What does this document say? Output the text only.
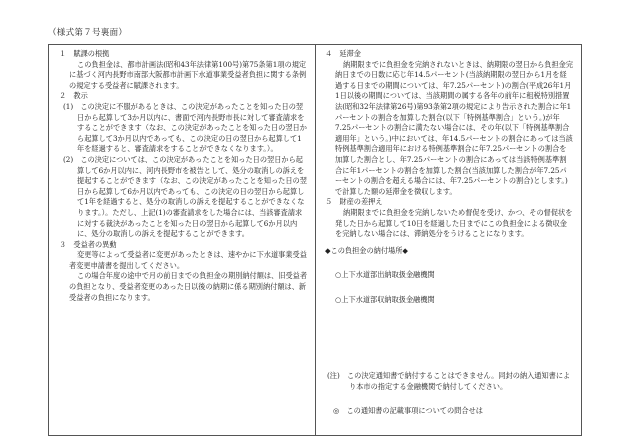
（様式第７号裏面）

１　賦課の根拠

この負担金は、都市計画法(昭和43年法律第100号)第75条第1項の規定に基づく河内長野市南部大阪都市計画下水道事業受益者負担に関する条例の規定する受益者に賦課されます。

２　教示

(1)　この決定に不服があるときは、この決定があったことを知った日の翌日から起算して3か月以内に、書面で河内長野市長に対して審査請求をすることができます（なお、この決定があったことを知った日の翌日から起算して3か月以内であっても、この決定の日の翌日から起算して1年を経過すると、審査請求をすることができなくなります。）。

(2)　この決定については、この決定があったことを知った日の翌日から起算して6か月以内に、河内長野市を被告として、処分の取消しの訴えを提起することができます（なお、この決定があったことを知った日の翌日から起算して6か月以内であっても、この決定の日の翌日から起算して1年を経過すると、処分の取消しの訴えを提起することができなくなります。）。ただし、上記(1)の審査請求をした場合には、当該審査請求に対する裁決があったことを知った日の翌日から起算して6か月以内に、処分の取消しの訴えを提起することができます。

３　受益者の異動

変更等によって受益者に変更があったときは、速やかに下水道事業受益者変更申請書を提出してください。

この場合年度の途中で月の前日までの負担金の期別納付額は、旧受益者の負担となり、受益者変更のあった日以後の納期に係る期別納付額は、新受益者の負担になります。

４　延滞金

納期限までに負担金を完納されないときは、納期限の翌日から負担金完納日までの日数に応じ年14.5パーセント(当該納期限の翌日から1月を経過する日までの期間については、年7.25パーセント)の割合(平成26年1月1日以後の期間については、当該期間の属する各年の前年に租税特別措置法(昭和32年法律第26号)第93条第2項の規定により告示された割合に年1パーセントの割合を加算した割合(以下「特例基準割合」という。)が年7.25パーセントの割合に満たない場合には、その年(以下「特例基準割合適用年」という。)中においては、年14.5パーセントの割合にあっては当該特例基準割合適用年における特例基準割合に年7.25パーセントの割合を加算した割合とし、年7.25パーセントの割合にあっては当該特例基準割合に年1パーセントの割合を加算した割合(当該加算した割合が年7.25パーセントの割合を超える場合には、年7.25パーセントの割合)とします。)で計算した額の延滞金を徴収します。

５　財産の差押え

納期限までに負担金を完納しないため督促を受け、かつ、その督促状を発した日から起算して10日を経過した日までにこの負担金による徴収金を完納しない場合には、滞納処分をうけることになります。

◆この負担金の納付場所◆

○上下水道部出納取扱金融機関

○上下水道部収納取扱金融機関

(注)　この決定通知書で納付することはできません。同封の納入通知書により本市の指定する金融機関で納付してください。

◎　この通知書の記載事項についての問合せは
